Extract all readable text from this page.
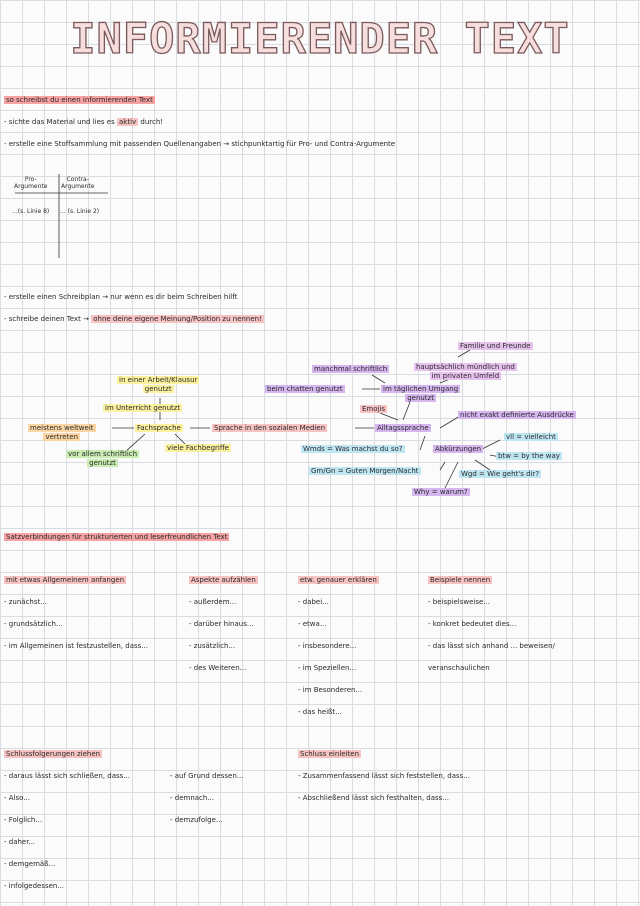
INFORMIERENDER TEXT
so schreibst du einen informierenden Text
- sichte das Material und lies es aktiv durch!
- erstelle eine Stoffsammlung mit passenden Quellenangaben → stichpunktartig für Pro- und Contra-Argumente
Pro-
Argumente
Contra-
Argumente
...(s. Linie 8) ... (s. Linie 2)
- erstelle einen Schreibplan → nur wenn es dir beim Schreiben hilft
- schreibe deinen Text → ohne deine eigene Meinung/Position zu nennen!
Sprache in den sozialen Medien
Fachsprache	Alltagssprache
in einer Arbeit/Klausur
genutzt
im Unterricht genutzt
meistens weltweit
vertreten
vor allem schriftlich
genutzt
viele Fachbegriffe
Familie und Freunde
manchmal schriftlich	hauptsächlich mündlich und
im privaten Umfeld
beim chatten genutzt	im täglichen Umgang
genutzt
Emojis
nicht exakt definierte Ausdrücke
Abkürzungen
Wmds = Was machst du so?
vll = vielleicht
btw = by the way
Gm/Gn = Guten Morgen/Nacht	Wgd = Wie geht's dir?
Why = warum?
Satzverbindungen für strukturierten und leserfreundlichen Text
mit etwas Allgemeinem anfangen
- zunächst...
- grundsätzlich...
- im Allgemeinen ist festzustellen, dass...
Aspekte aufzählen
- außerdem...
- darüber hinaus...
- zusätzlich...
- des Weiteren...
etw. genauer erklären
- dabei...
- etwa...
- insbesondere...
- im Speziellen...
- im Besonderen...
- das heißt...
Beispiele nennen
- beispielsweise...
- konkret bedeutet dies...
- das lässt sich anhand ... beweisen/
veranschaulichen
Schlussfolgerungen ziehen
- daraus lässt sich schließen, dass...
- Also...
- Folglich...
- daher...
- demgemäß...
- infolgedessen...
- auf Grund dessen...
- demnach...
- demzufolge...
Schluss einleiten
- Zusammenfassend lässt sich feststellen, dass...
- Abschließend lässt sich festhalten, dass...
